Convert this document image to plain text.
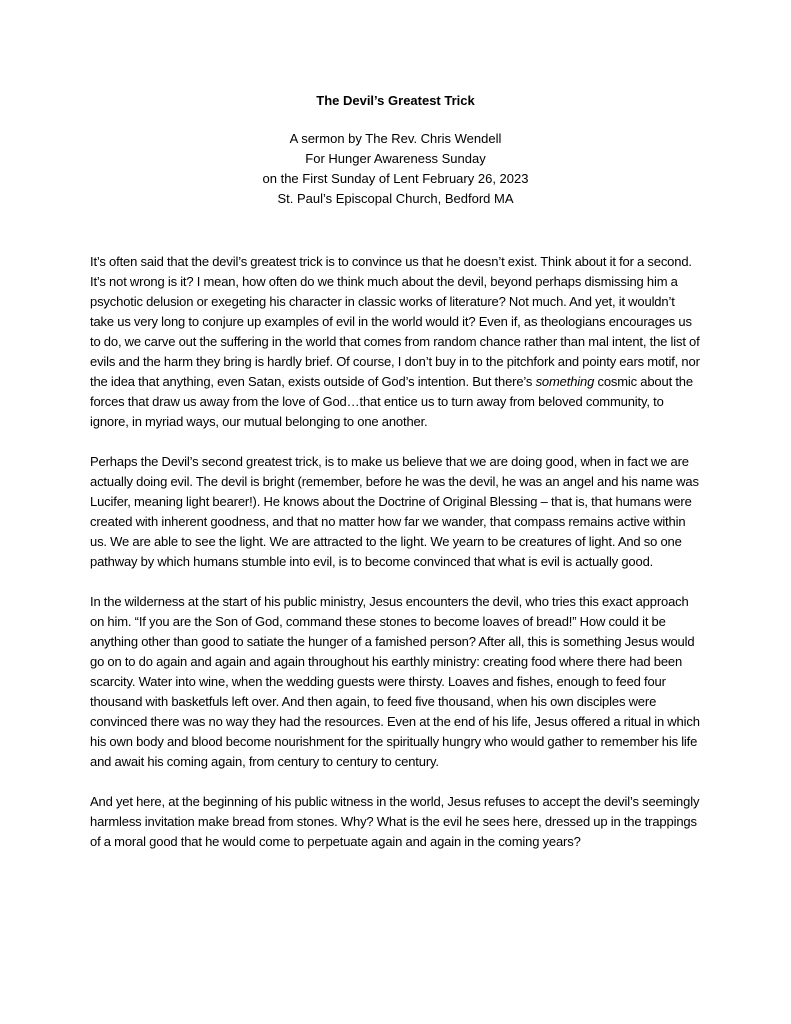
The Devil’s Greatest Trick
A sermon by The Rev. Chris Wendell
For Hunger Awareness Sunday
on the First Sunday of Lent February 26, 2023
St. Paul’s Episcopal Church, Bedford MA

It’s often said that the devil’s greatest trick is to convince us that he doesn’t exist. Think about it for a second. It’s not wrong is it? I mean, how often do we think much about the devil, beyond perhaps dismissing him a psychotic delusion or exegeting his character in classic works of literature? Not much. And yet, it wouldn’t take us very long to conjure up examples of evil in the world would it? Even if, as theologians encourages us to do, we carve out the suffering in the world that comes from random chance rather than mal intent, the list of evils and the harm they bring is hardly brief. Of course, I don’t buy in to the pitchfork and pointy ears motif, nor the idea that anything, even Satan, exists outside of God’s intention. But there’s something cosmic about the forces that draw us away from the love of God…that entice us to turn away from beloved community, to ignore, in myriad ways, our mutual belonging to one another.

Perhaps the Devil’s second greatest trick, is to make us believe that we are doing good, when in fact we are actually doing evil. The devil is bright (remember, before he was the devil, he was an angel and his name was Lucifer, meaning light bearer!). He knows about the Doctrine of Original Blessing – that is, that humans were created with inherent goodness, and that no matter how far we wander, that compass remains active within us. We are able to see the light. We are attracted to the light. We yearn to be creatures of light. And so one pathway by which humans stumble into evil, is to become convinced that what is evil is actually good.

In the wilderness at the start of his public ministry, Jesus encounters the devil, who tries this exact approach on him. “If you are the Son of God, command these stones to become loaves of bread!” How could it be anything other than good to satiate the hunger of a famished person? After all, this is something Jesus would go on to do again and again and again throughout his earthly ministry: creating food where there had been scarcity. Water into wine, when the wedding guests were thirsty. Loaves and fishes, enough to feed four thousand with basketfuls left over. And then again, to feed five thousand, when his own disciples were convinced there was no way they had the resources. Even at the end of his life, Jesus offered a ritual in which his own body and blood become nourishment for the spiritually hungry who would gather to remember his life and await his coming again, from century to century to century.

And yet here, at the beginning of his public witness in the world, Jesus refuses to accept the devil’s seemingly harmless invitation make bread from stones. Why? What is the evil he sees here, dressed up in the trappings of a moral good that he would come to perpetuate again and again in the coming years?
